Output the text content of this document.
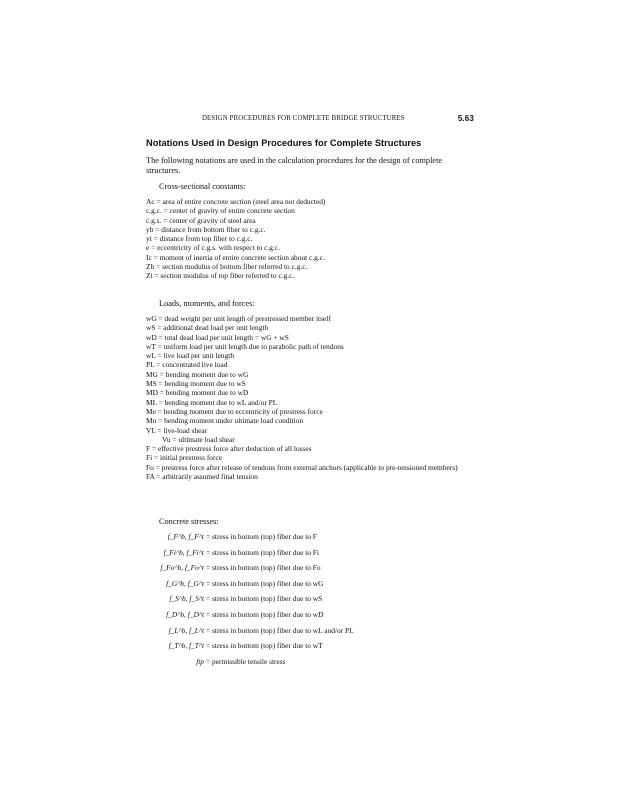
DESIGN PROCEDURES FOR COMPLETE BRIDGE STRUCTURES	5.63
Notations Used in Design Procedures for Complete Structures
The following notations are used in the calculation procedures for the design of complete structures.
Cross-sectional constants:
Ac = area of entire concrete section (steel area not deducted)
c.g.c. = center of gravity of entire concrete section
c.g.s. = center of gravity of steel area
yb = distance from bottom fiber to c.g.c.
yt = distance from top fiber to c.g.c.
e = eccentricity of c.g.s. with respect to c.g.c.
Ic = moment of inertia of entire concrete section about c.g.c.
Zb = section modulus of bottom fiber referred to c.g.c.
Zt = section modulus of top fiber referred to c.g.c.
Loads, moments, and forces:
wG = dead weight per unit length of prestressed member itself
wS = additional dead load per unit length
wD = total dead load per unit length = wG + wS
wT = uniform load per unit length due to parabolic path of tendons
wL = live load per unit length
PL = concentrated live load
MG = bending moment due to wG
MS = bending moment due to wS
MD = bending moment due to wD
ML = bending moment due to wL and/or PL
Me = bending moment due to eccentricity of prestress force
Mu = bending moment under ultimate load condition
VL = live-load shear
Vu = ultimate load shear
F = effective prestress force after deduction of all losses
Fi = initial prestress force
Fo = prestress force after release of tendons from external anchors (applicable to pre-tensioned members)
FA = arbitrarily assumed final tension
Concrete stresses:
f_F^b, f_F^t = stress in bottom (top) fiber due to F
f_Fi^b, f_Fi^t = stress in bottom (top) fiber due to Fi
f_Fo^b, f_Fo^t = stress in bottom (top) fiber due to Fo
f_G^b, f_G^t = stress in bottom (top) fiber due to wG
f_S^b, f_S^t = stress in bottom (top) fiber due to wS
f_D^b, f_D^t = stress in bottom (top) fiber due to wD
f_L^b, f_L^t = stress in bottom (top) fiber due to wL and/or PL
f_T^b, f_T^t = stress in bottom (top) fiber due to wT
ftp = permissible tensile stress
